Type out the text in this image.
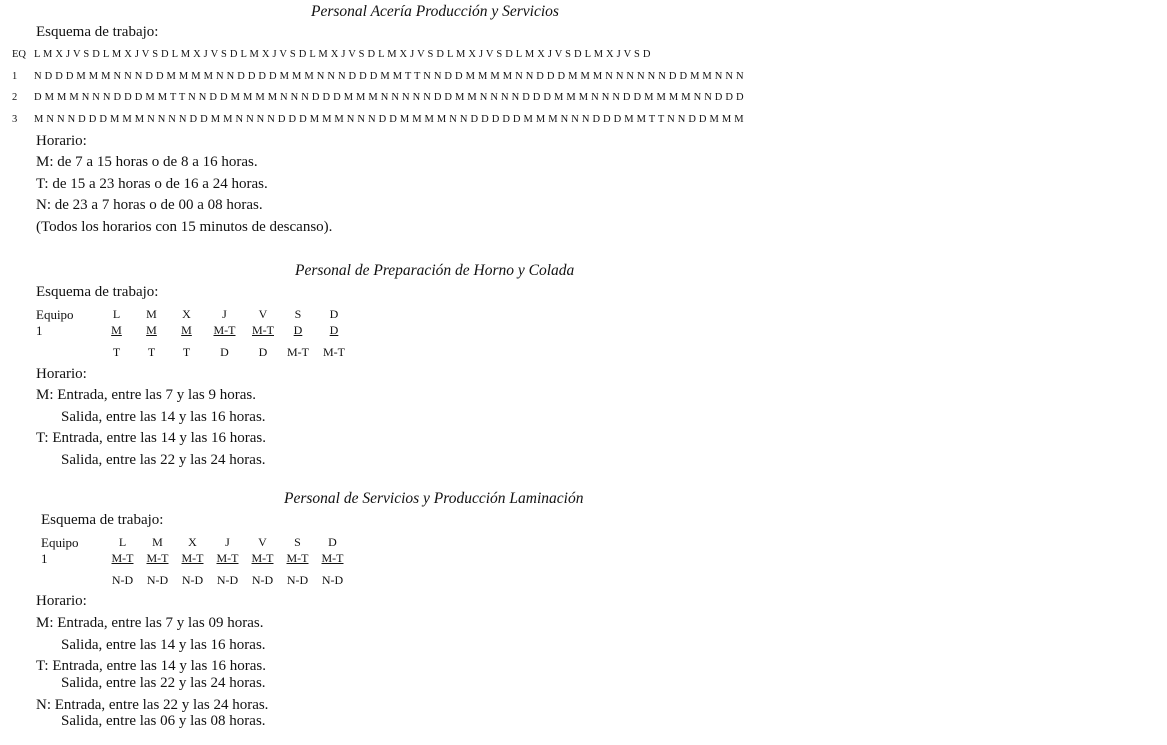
Personal Acería Producción y Servicios
Esquema de trabajo:
EQ L M X J V S D L M X J V S D L M X J V S D L M X J V S D L M X J V S D L M X J V S D L M X J V S D L M X J V S D L M X J V S D
1	N D D D M M M N N N D D M M M M N N D D D D M M M N N N D D D M M T T N N D D M M M M N N D D D M M M N N N N N N D D M M N N N
2	D M M M N N N D D D M M T T N N D D M M M M N N N D D D M M M N N N N N D D M M N N N N D D D M M M N N N D D M M M M N N D D D
3	M N N N D D D M M M N N N N D D M M N N N N D D D M M M N N N D D M M M M N N D D D D D M M M N N N D D D M M T T N N D D M M M
Horario:
M: de 7 a 15 horas o de 8 a 16 horas.
T: de 15 a 23 horas o de 16 a 24 horas.
N: de 23 a 7 horas o de 00 a 08 horas.
(Todos los horarios con 15 minutos de descanso).
Personal de Preparación de Horno y Colada
Esquema de trabajo:
Equipo
1
L	M	X	J	V	S	D
M	M	M	M-T	M-T	D	D
T	T	T	D	D	M-T	M-T
Horario:
M: Entrada, entre las 7 y las 9 horas.
Salida, entre las 14 y las 16 horas.
T: Entrada, entre las 14 y las 16 horas.
Salida, entre las 22 y las 24 horas.
Personal de Servicios y Producción Laminación
Esquema de trabajo:
Equipo
1
L	M	X	J	V	S	D
M-T	M-T	M-T	M-T	M-T	M-T	M-T
N-D	N-D	N-D	N-D	N-D	N-D	N-D
Horario:
M: Entrada, entre las 7 y las 09 horas.
Salida, entre las 14 y las 16 horas.
T: Entrada, entre las 14 y las 16 horas.
Salida, entre las 22 y las 24 horas.
N: Entrada, entre las 22 y las 24 horas.
Salida, entre las 06 y las 08 horas.
